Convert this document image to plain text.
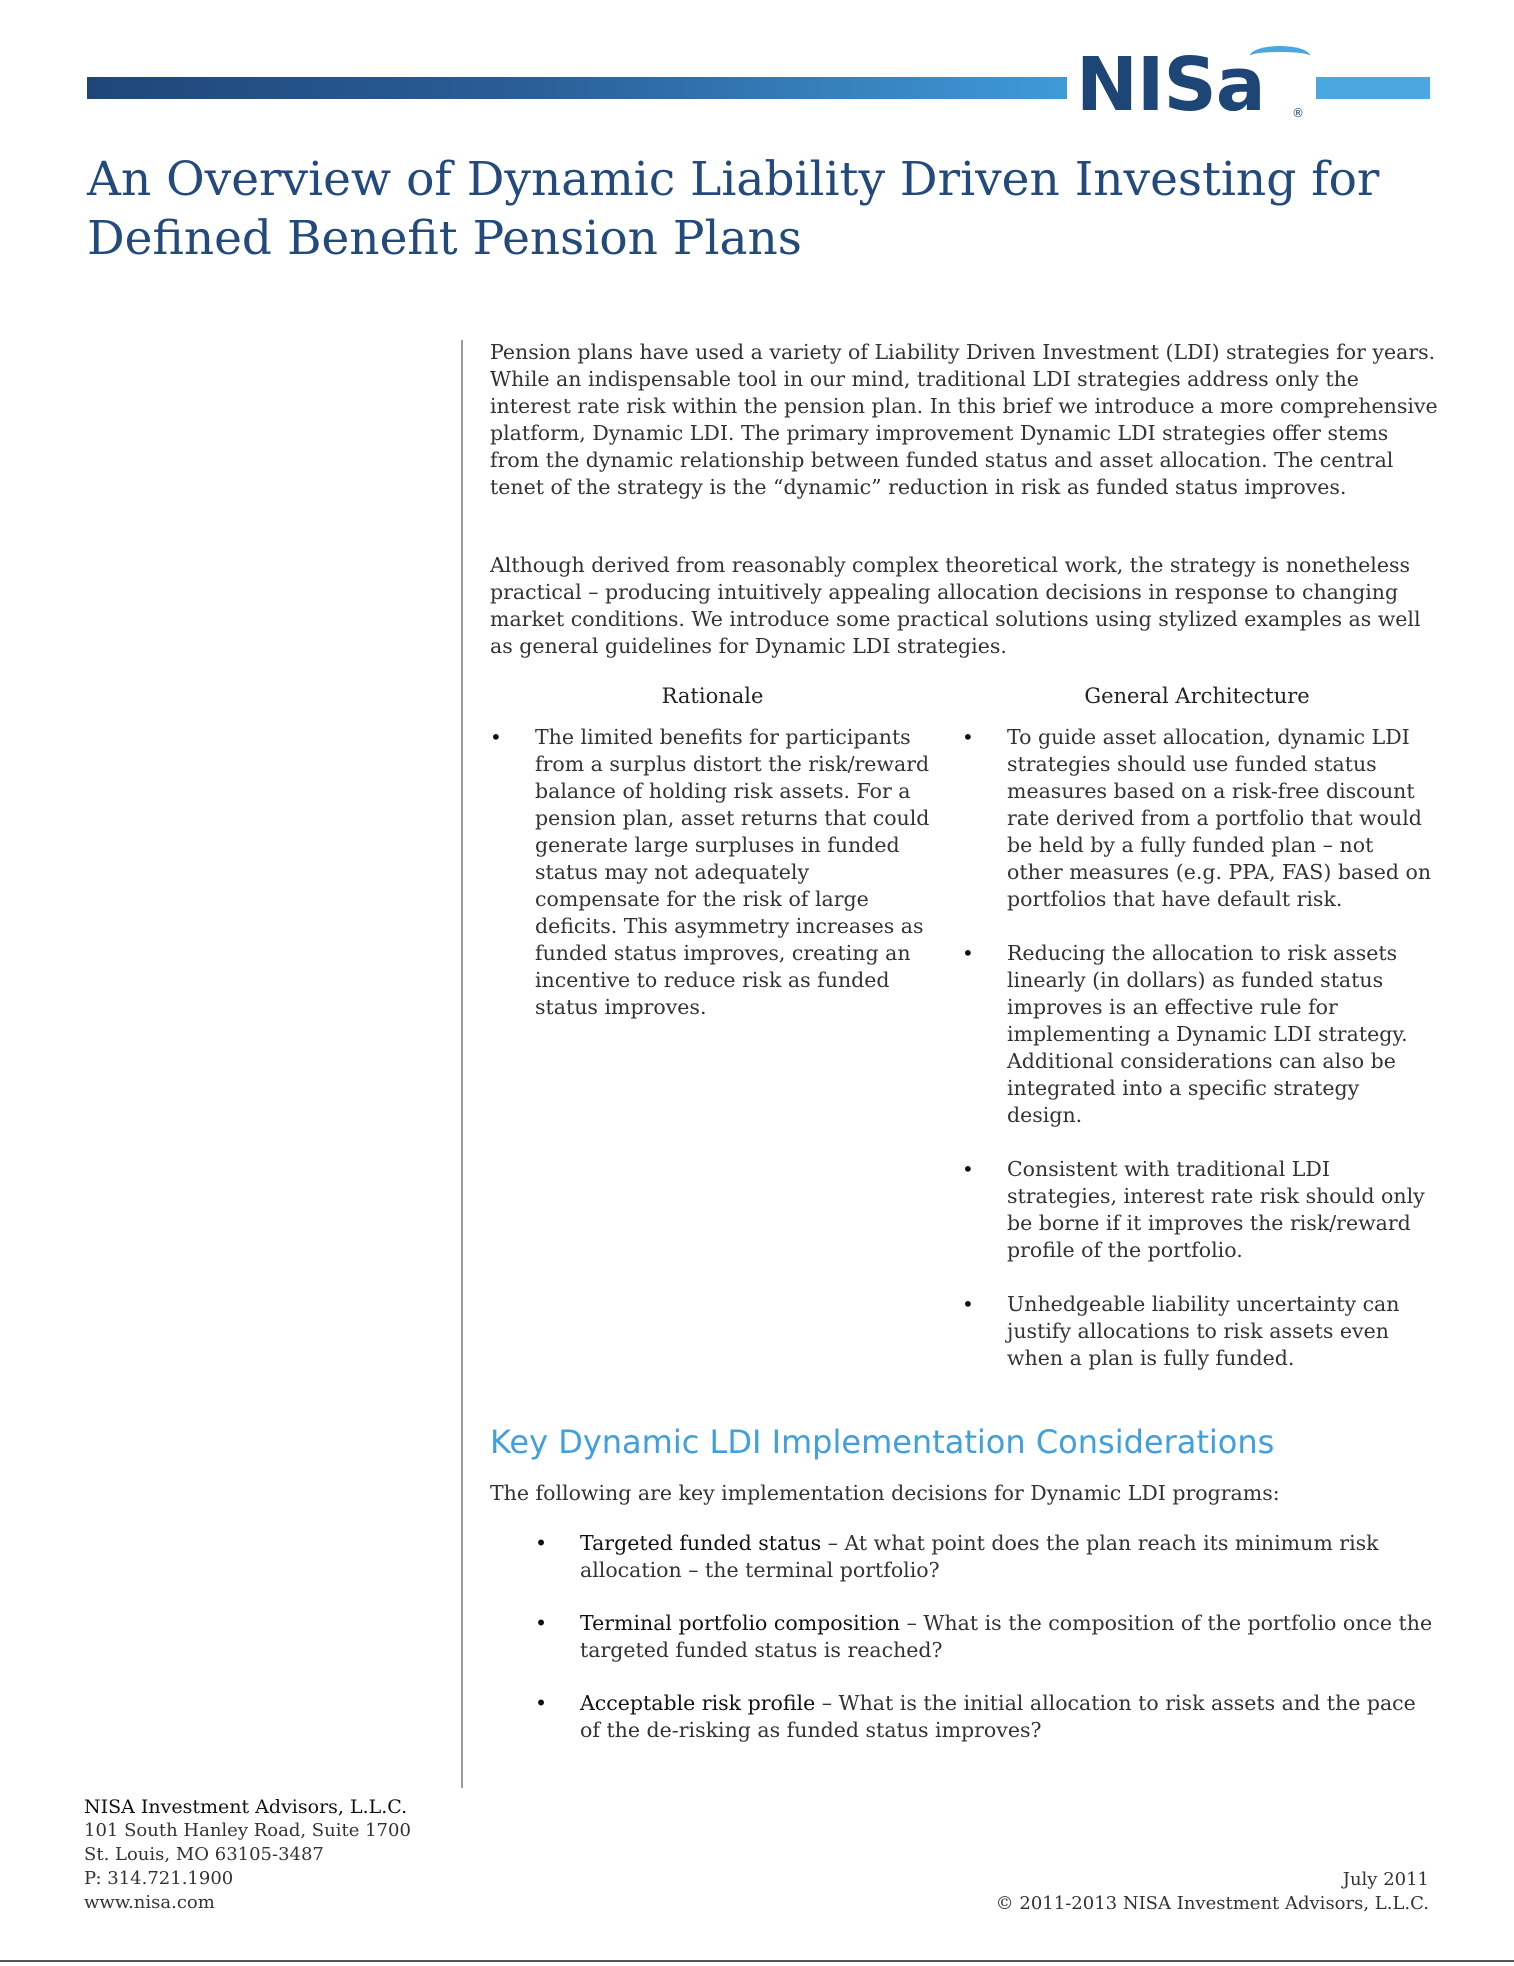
NISa	®
An Overview of Dynamic Liability Driven Investing for
Defined Benefit Pension Plans

Pension plans have used a variety of Liability Driven Investment (LDI) strategies for years. While an indispensable tool in our mind, traditional LDI strategies address only the interest rate risk within the pension plan. In this brief we introduce a more comprehensive platform, Dynamic LDI. The primary improvement Dynamic LDI strategies offer stems from the dynamic relationship between funded status and asset allocation. The central tenet of the strategy is the “dynamic” reduction in risk as funded status improves.

Although derived from reasonably complex theoretical work, the strategy is nonetheless practical – producing intuitively appealing allocation decisions in response to changing market conditions. We introduce some practical solutions using stylized examples as well as general guidelines for Dynamic LDI strategies.

Rationale	General Architecture
• The limited benefits for participants from a surplus distort the risk/reward balance of holding risk assets. For a pension plan, asset returns that could generate large surpluses in funded status may not adequately compensate for the risk of large deficits. This asymmetry increases as funded status improves, creating an incentive to reduce risk as funded status improves.
• To guide asset allocation, dynamic LDI strategies should use funded status measures based on a risk-free discount rate derived from a portfolio that would be held by a fully funded plan – not other measures (e.g. PPA, FAS) based on portfolios that have default risk.
• Reducing the allocation to risk assets linearly (in dollars) as funded status improves is an effective rule for implementing a Dynamic LDI strategy. Additional considerations can also be integrated into a specific strategy design.
• Consistent with traditional LDI strategies, interest rate risk should only be borne if it improves the risk/reward profile of the portfolio.
• Unhedgeable liability uncertainty can justify allocations to risk assets even when a plan is fully funded.
Key Dynamic LDI Implementation Considerations

The following are key implementation decisions for Dynamic LDI programs:

• Targeted funded status – At what point does the plan reach its minimum risk allocation – the terminal portfolio?
• Terminal portfolio composition – What is the composition of the portfolio once the targeted funded status is reached?
• Acceptable risk profile – What is the initial allocation to risk assets and the pace of the de-risking as funded status improves?
NISA Investment Advisors, L.L.C.
101 South Hanley Road, Suite 1700
St. Louis, MO 63105-3487
P: 314.721.1900
www.nisa.com
July 2011
© 2011-2013 NISA Investment Advisors, L.L.C.
